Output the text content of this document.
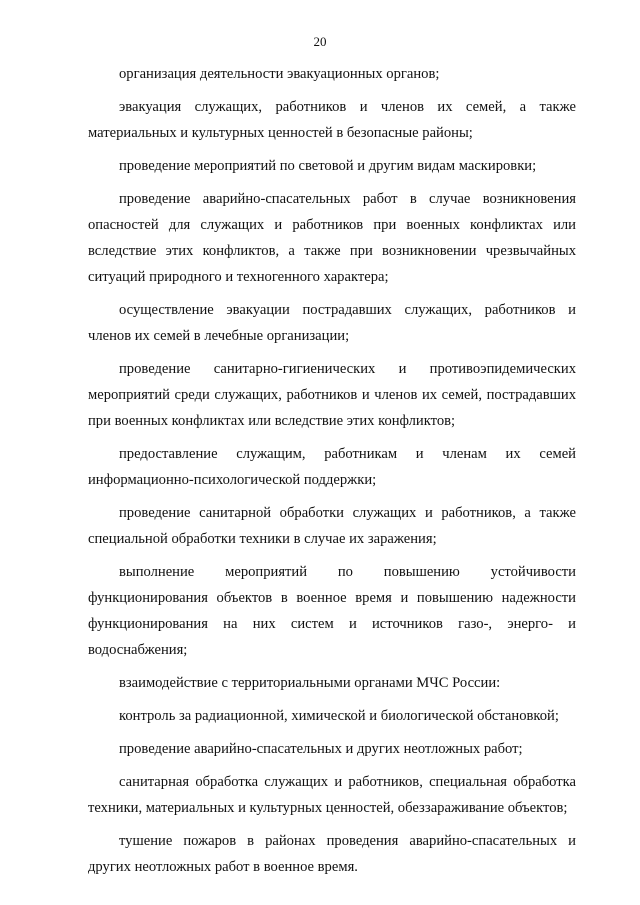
20

организация деятельности эвакуационных органов;

эвакуация служащих, работников и членов их семей, а также материальных и культурных ценностей в безопасные районы;

проведение мероприятий по световой и другим видам маскировки;

проведение аварийно-спасательных работ в случае возникновения опасностей для служащих и работников при военных конфликтах или вследствие этих конфликтов, а также при возникновении чрезвычайных ситуаций природного и техногенного характера;

осуществление эвакуации пострадавших служащих, работников и членов их семей в лечебные организации;

проведение санитарно-гигиенических и противоэпидемических мероприятий среди служащих, работников и членов их семей, пострадавших при военных конфликтах или вследствие этих конфликтов;

предоставление служащим, работникам и членам их семей информационно-психологической поддержки;

проведение санитарной обработки служащих и работников, а также специальной обработки техники в случае их заражения;

выполнение мероприятий по повышению устойчивости функционирования объектов в военное время и повышению надежности функционирования на них систем и источников газо-, энерго- и водоснабжения;

взаимодействие с территориальными органами МЧС России:

контроль за радиационной, химической и биологической обстановкой;

проведение аварийно-спасательных и других неотложных работ;

санитарная обработка служащих и работников, специальная обработка техники, материальных и культурных ценностей, обеззараживание объектов;

тушение пожаров в районах проведения аварийно-спасательных и других неотложных работ в военное время.
